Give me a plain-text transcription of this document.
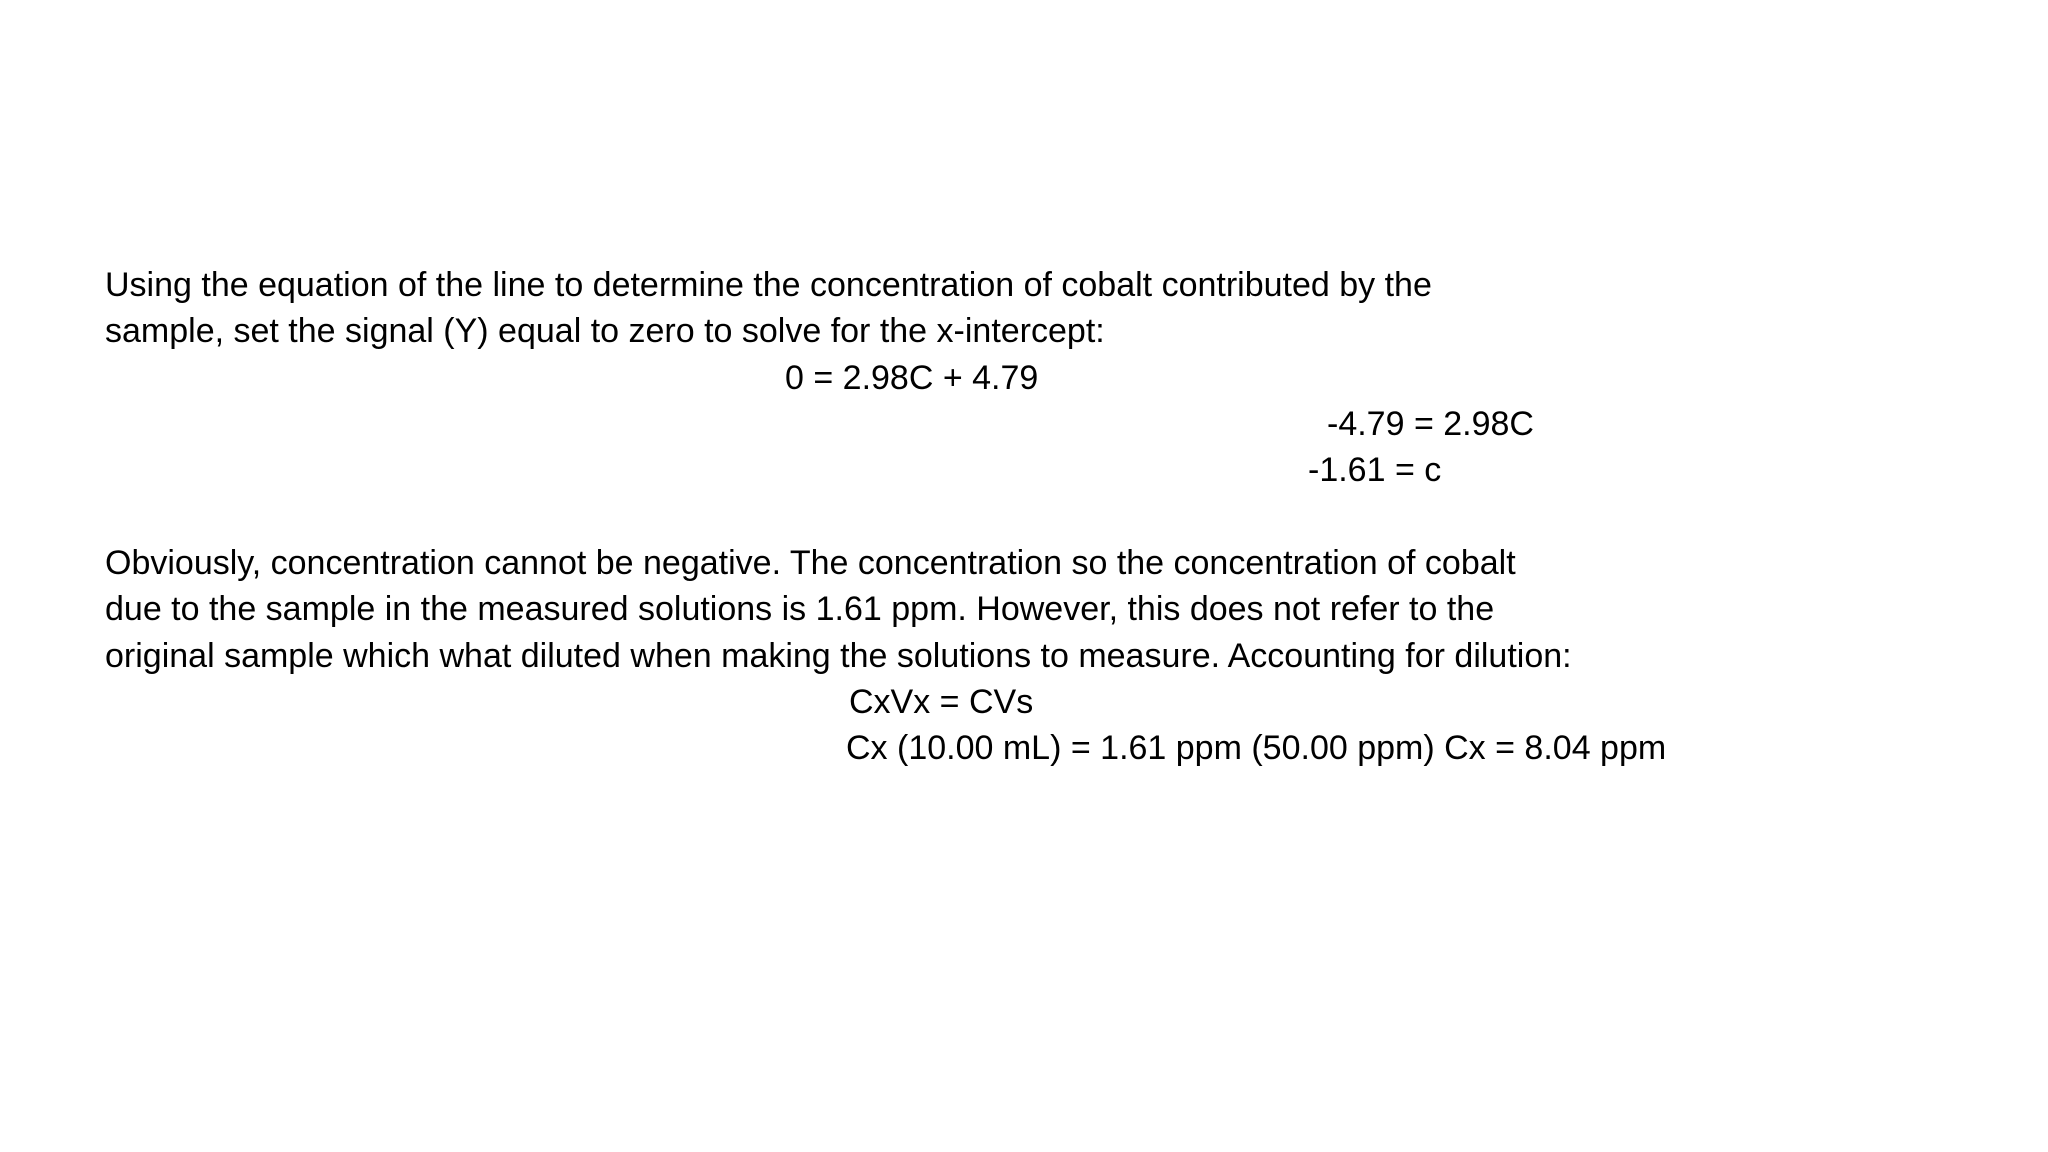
Using the equation of the line to determine the concentration of cobalt contributed by the
sample, set the signal (Y) equal to zero to solve for the x-intercept:
0 = 2.98C + 4.79
-4.79 = 2.98C
-1.61 = c
Obviously, concentration cannot be negative. The concentration so the concentration of cobalt
due to the sample in the measured solutions is 1.61 ppm. However, this does not refer to the
original sample which what diluted when making the solutions to measure. Accounting for dilution:
CxVx = CVs
Cx (10.00 mL) = 1.61 ppm (50.00 ppm) Cx = 8.04 ppm
